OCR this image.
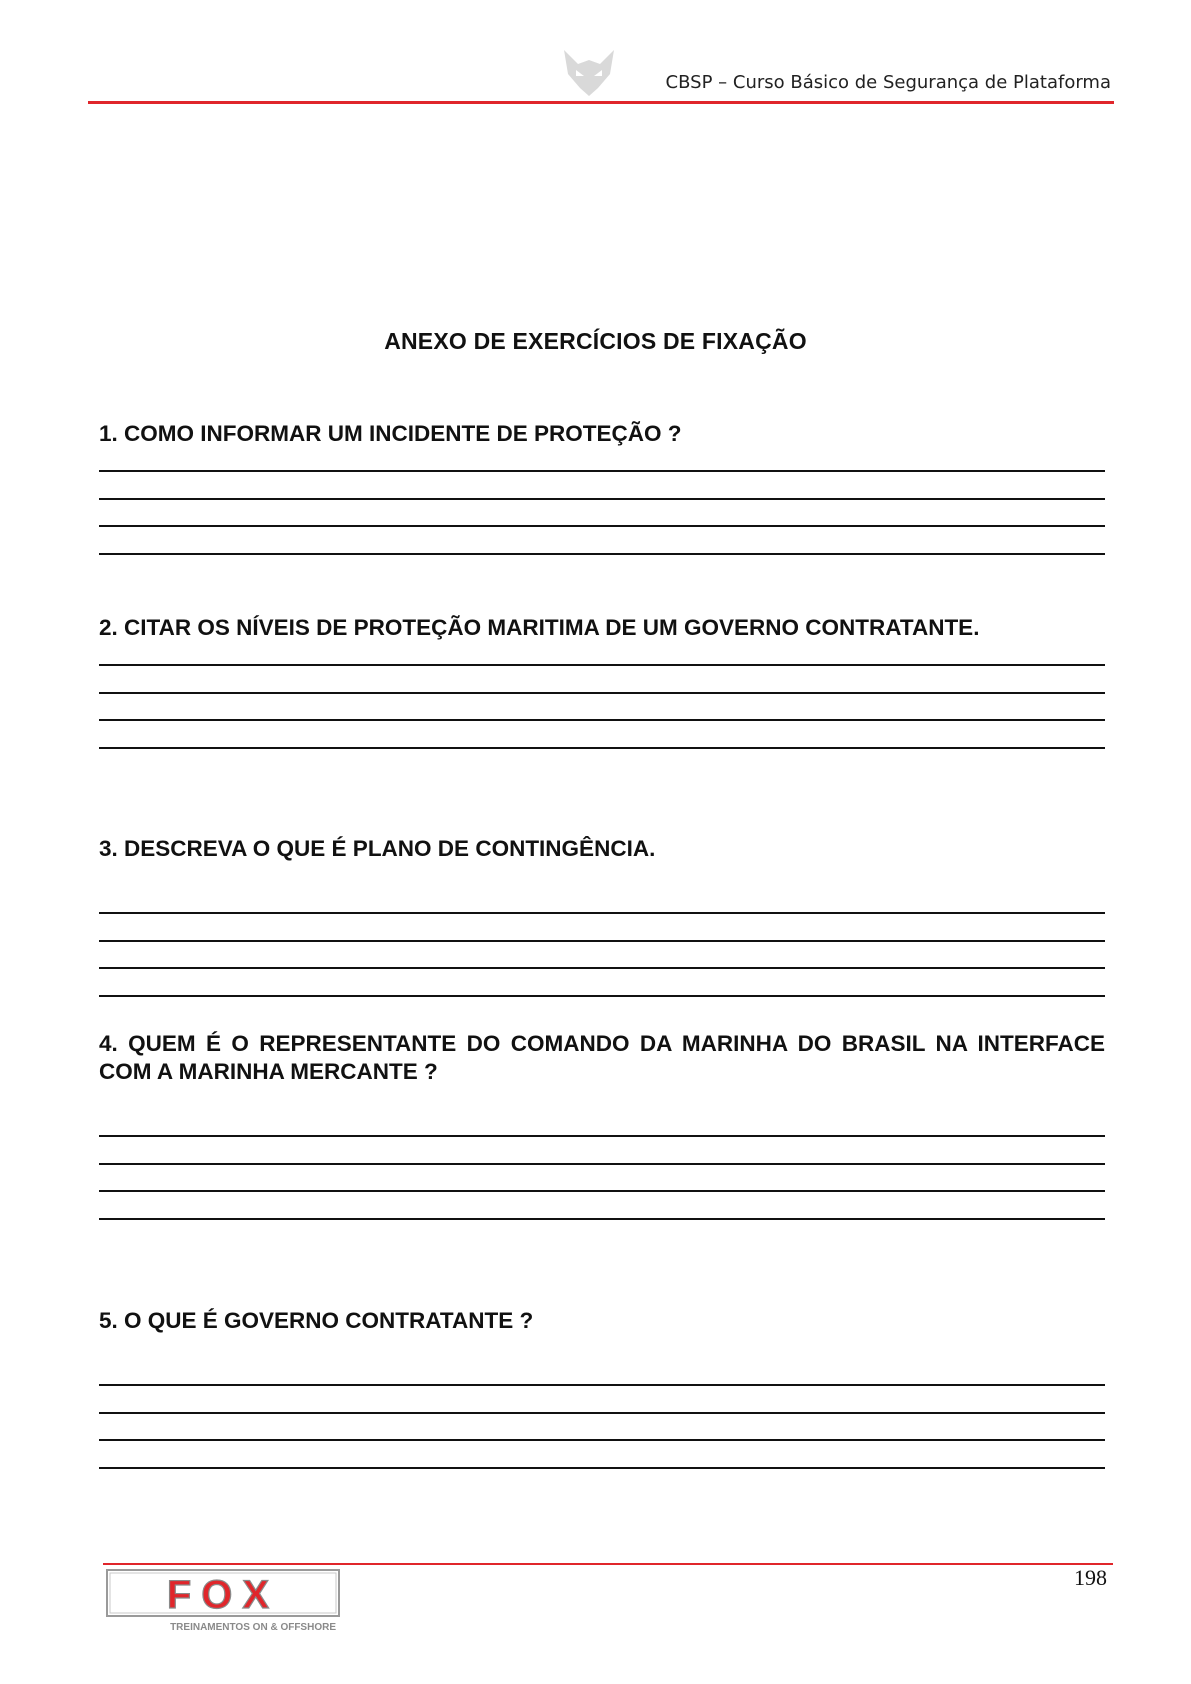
CBSP – Curso Básico de Segurança de Plataforma
ANEXO DE EXERCÍCIOS DE FIXAÇÃO
1. COMO INFORMAR UM INCIDENTE DE PROTEÇÃO ?
2. CITAR OS NÍVEIS DE PROTEÇÃO MARITIMA DE UM GOVERNO CONTRATANTE.
3. DESCREVA O QUE É PLANO DE CONTINGÊNCIA.
4. QUEM É O REPRESENTANTE DO COMANDO DA MARINHA DO BRASIL NA INTERFACE COM A MARINHA MERCANTE ?
5. O QUE É GOVERNO CONTRATANTE ?
FOX
TREINAMENTOS ON & OFFSHORE
198
